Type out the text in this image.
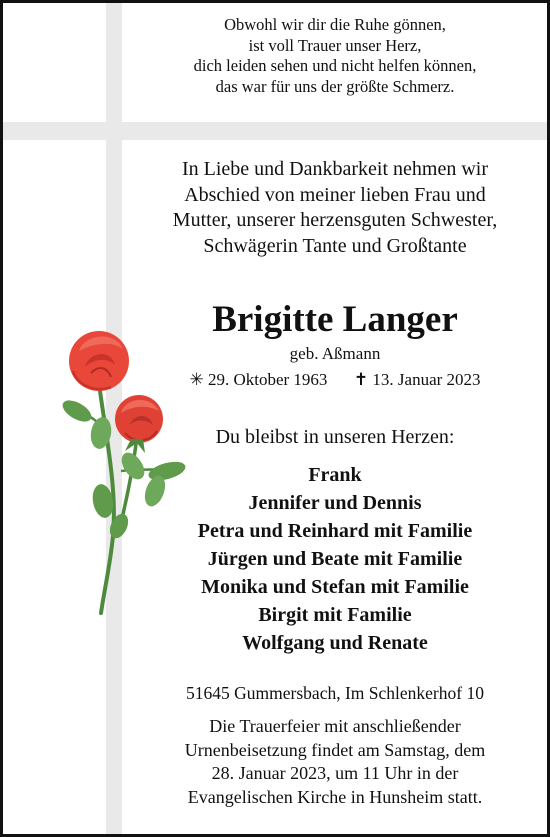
Obwohl wir dir die Ruhe gönnen,
ist voll Trauer unser Herz,
dich leiden sehen und nicht helfen können,
das war für uns der größte Schmerz.
In Liebe und Dankbarkeit nehmen wir
Abschied von meiner lieben Frau und
Mutter, unserer herzensguten Schwester,
Schwägerin Tante und Großtante
Brigitte Langer
geb. Aßmann
✳ 29. Oktober 1963 ✝ 13. Januar 2023
Du bleibst in unseren Herzen:
Frank
Jennifer und Dennis
Petra und Reinhard mit Familie
Jürgen und Beate mit Familie
Monika und Stefan mit Familie
Birgit mit Familie
Wolfgang und Renate
51645 Gummersbach, Im Schlenkerhof 10
Die Trauerfeier mit anschließender
Urnenbeisetzung findet am Samstag, dem
28. Januar 2023, um 11 Uhr in der
Evangelischen Kirche in Hunsheim statt.
